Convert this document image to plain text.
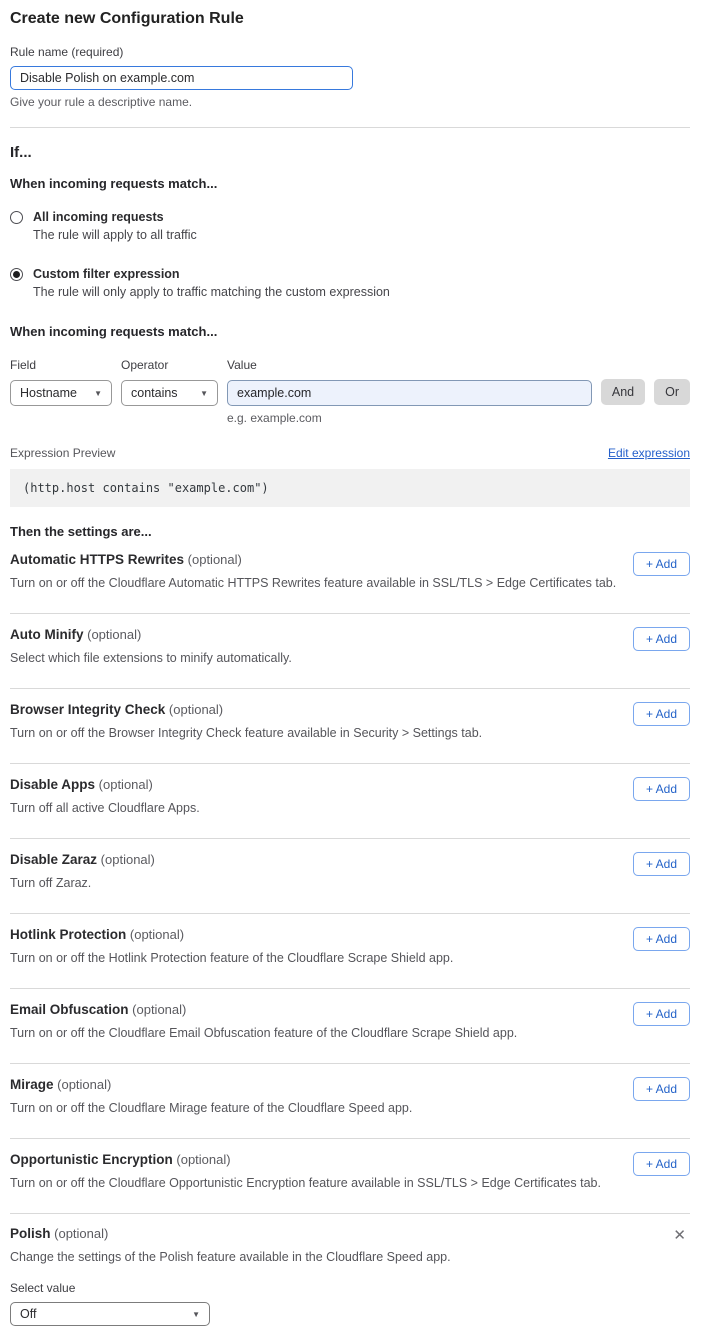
Create new Configuration Rule
Rule name (required)
Disable Polish on example.com
Give your rule a descriptive name.
If...
When incoming requests match...
All incoming requests
The rule will apply to all traffic
Custom filter expression
The rule will only apply to traffic matching the custom expression
When incoming requests match...
Field
Hostname ▼
Operator
contains	▼
Value
example.com
e.g. example.com
And	Or
Expression Preview	Edit expression
(http.host contains "example.com")
Then the settings are...
Automatic HTTPS Rewrites (optional)
Turn on or off the Cloudflare Automatic HTTPS Rewrites feature available in SSL/TLS > Edge Certificates tab.
+ Add
Auto Minify (optional)
Select which file extensions to minify automatically.
+ Add
Browser Integrity Check (optional)
Turn on or off the Browser Integrity Check feature available in Security > Settings tab.
+ Add
Disable Apps (optional)
Turn off all active Cloudflare Apps.
+ Add
Disable Zaraz (optional)
Turn off Zaraz.
+ Add
Hotlink Protection (optional)
Turn on or off the Hotlink Protection feature of the Cloudflare Scrape Shield app.
+ Add
Email Obfuscation (optional)
Turn on or off the Cloudflare Email Obfuscation feature of the Cloudflare Scrape Shield app.
+ Add
Mirage (optional)
Turn on or off the Cloudflare Mirage feature of the Cloudflare Speed app.
+ Add
Opportunistic Encryption (optional)
Turn on or off the Cloudflare Opportunistic Encryption feature available in SSL/TLS > Edge Certificates tab.
+ Add
Polish (optional)
Change the settings of the Polish feature available in the Cloudflare Speed app.
✕
Select value
Off	▼
